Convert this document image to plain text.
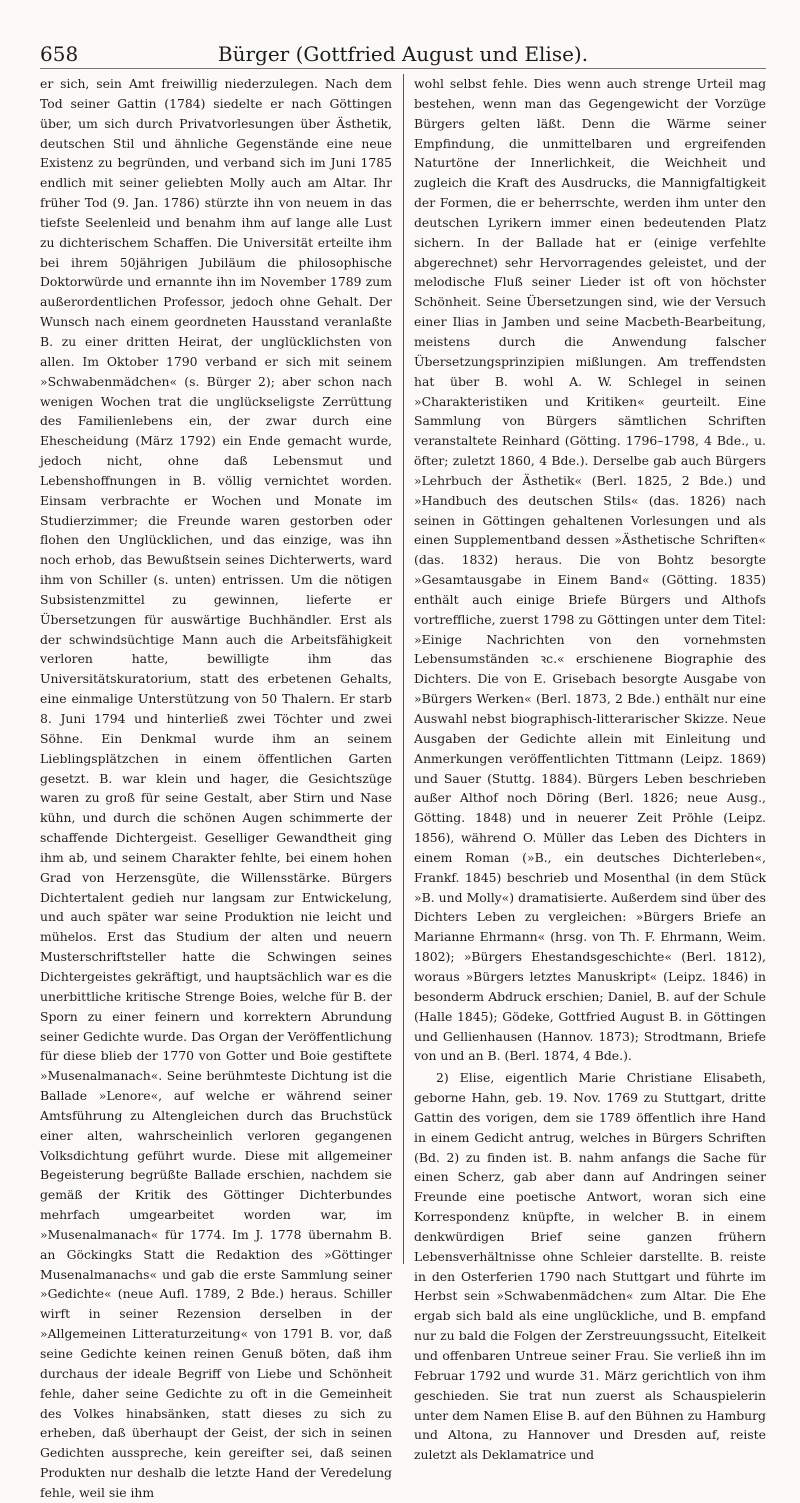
658	Bürger (Gottfried August und Elise).

er sich, sein Amt freiwillig niederzulegen. Nach dem Tod seiner Gattin (1784) siedelte er nach Göttingen über, um sich durch Privatvorlesungen über Ästhetik, deutschen Stil und ähnliche Gegenstände eine neue Existenz zu begründen, und verband sich im Juni 1785 endlich mit seiner geliebten Molly auch am Altar. Ihr früher Tod (9. Jan. 1786) stürzte ihn von neuem in das tiefste Seelenleid und benahm ihm auf lange alle Lust zu dichterischem Schaffen. Die Universität erteilte ihm bei ihrem 50jährigen Jubiläum die philosophische Doktorwürde und ernannte ihn im November 1789 zum außerordentlichen Professor, jedoch ohne Gehalt. Der Wunsch nach einem geordneten Hausstand veranlaßte B. zu einer dritten Heirat, der unglücklichsten von allen. Im Oktober 1790 verband er sich mit seinem »Schwabenmädchen« (s. Bürger 2); aber schon nach wenigen Wochen trat die unglückseligste Zerrüttung des Familienlebens ein, der zwar durch eine Ehescheidung (März 1792) ein Ende gemacht wurde, jedoch nicht, ohne daß Lebensmut und Lebenshoffnungen in B. völlig vernichtet worden. Einsam verbrachte er Wochen und Monate im Studierzimmer; die Freunde waren gestorben oder flohen den Unglücklichen, und das einzige, was ihn noch erhob, das Bewußtsein seines Dichterwerts, ward ihm von Schiller (s. unten) entrissen. Um die nötigen Subsistenzmittel zu gewinnen, lieferte er Übersetzungen für auswärtige Buchhändler. Erst als der schwindsüchtige Mann auch die Arbeitsfähigkeit verloren hatte, bewilligte ihm das Universitätskuratorium, statt des erbetenen Gehalts, eine einmalige Unterstützung von 50 Thalern. Er starb 8. Juni 1794 und hinterließ zwei Töchter und zwei Söhne. Ein Denkmal wurde ihm an seinem Lieblingsplätzchen in einem öffentlichen Garten gesetzt. B. war klein und hager, die Gesichtszüge waren zu groß für seine Gestalt, aber Stirn und Nase kühn, und durch die schönen Augen schimmerte der schaffende Dichtergeist. Geselliger Gewandtheit ging ihm ab, und seinem Charakter fehlte, bei einem hohen Grad von Herzensgüte, die Willensstärke. Bürgers Dichtertalent gedieh nur langsam zur Entwickelung, und auch später war seine Produktion nie leicht und mühelos. Erst das Studium der alten und neuern Musterschriftsteller hatte die Schwingen seines Dichtergeistes gekräftigt, und hauptsächlich war es die unerbittliche kritische Strenge Boies, welche für B. der Sporn zu einer feinern und korrektern Abrundung seiner Gedichte wurde. Das Organ der Veröffentlichung für diese blieb der 1770 von Gotter und Boie gestiftete »Musenalmanach«. Seine berühmteste Dichtung ist die Ballade »Lenore«, auf welche er während seiner Amtsführung zu Altengleichen durch das Bruchstück einer alten, wahrscheinlich verloren gegangenen Volksdichtung geführt wurde. Diese mit allgemeiner Begeisterung begrüßte Ballade erschien, nachdem sie gemäß der Kritik des Göttinger Dichterbundes mehrfach umgearbeitet worden war, im »Musenalmanach« für 1774. Im J. 1778 übernahm B. an Göckingks Statt die Redaktion des »Göttinger Musenalmanachs« und gab die erste Sammlung seiner »Gedichte« (neue Aufl. 1789, 2 Bde.) heraus. Schiller wirft in seiner Rezension derselben in der »Allgemeinen Litteraturzeitung« von 1791 B. vor, daß seine Gedichte keinen reinen Genuß böten, daß ihm durchaus der ideale Begriff von Liebe und Schönheit fehle, daher seine Gedichte zu oft in die Gemeinheit des Volkes hinabsänken, statt dieses zu sich zu erheben, daß überhaupt der Geist, der sich in seinen Gedichten ausspreche, kein gereifter sei, daß seinen Produkten nur deshalb die letzte Hand der Veredelung fehle, weil sie ihm

wohl selbst fehle. Dies wenn auch strenge Urteil mag bestehen, wenn man das Gegengewicht der Vorzüge Bürgers gelten läßt. Denn die Wärme seiner Empfindung, die unmittelbaren und ergreifenden Naturtöne der Innerlichkeit, die Weichheit und zugleich die Kraft des Ausdrucks, die Mannigfaltigkeit der Formen, die er beherrschte, werden ihm unter den deutschen Lyrikern immer einen bedeutenden Platz sichern. In der Ballade hat er (einige verfehlte abgerechnet) sehr Hervorragendes geleistet, und der melodische Fluß seiner Lieder ist oft von höchster Schönheit. Seine Übersetzungen sind, wie der Versuch einer Ilias in Jamben und seine Macbeth-Bearbeitung, meistens durch die Anwendung falscher Übersetzungsprinzipien mißlungen. Am treffendsten hat über B. wohl A. W. Schlegel in seinen »Charakteristiken und Kritiken« geurteilt. Eine Sammlung von Bürgers sämtlichen Schriften veranstaltete Reinhard (Götting. 1796–1798, 4 Bde., u. öfter; zuletzt 1860, 4 Bde.). Derselbe gab auch Bürgers »Lehrbuch der Ästhetik« (Berl. 1825, 2 Bde.) und »Handbuch des deutschen Stils« (das. 1826) nach seinen in Göttingen gehaltenen Vorlesungen und als einen Supplementband dessen »Ästhetische Schriften« (das. 1832) heraus. Die von Bohtz besorgte »Gesamtausgabe in Einem Band« (Götting. 1835) enthält auch einige Briefe Bürgers und Althofs vortreffliche, zuerst 1798 zu Göttingen unter dem Titel: »Einige Nachrichten von den vornehmsten Lebensumständen ꝛc.« erschienene Biographie des Dichters. Die von E. Grisebach besorgte Ausgabe von »Bürgers Werken« (Berl. 1873, 2 Bde.) enthält nur eine Auswahl nebst biographisch-litterarischer Skizze. Neue Ausgaben der Gedichte allein mit Einleitung und Anmerkungen veröffentlichten Tittmann (Leipz. 1869) und Sauer (Stuttg. 1884). Bürgers Leben beschrieben außer Althof noch Döring (Berl. 1826; neue Ausg., Götting. 1848) und in neuerer Zeit Pröhle (Leipz. 1856), während O. Müller das Leben des Dichters in einem Roman (»B., ein deutsches Dichterleben«, Frankf. 1845) beschrieb und Mosenthal (in dem Stück »B. und Molly«) dramatisierte. Außerdem sind über des Dichters Leben zu vergleichen: »Bürgers Briefe an Marianne Ehrmann« (hrsg. von Th. F. Ehrmann, Weim. 1802); »Bürgers Ehestandsgeschichte« (Berl. 1812), woraus »Bürgers letztes Manuskript« (Leipz. 1846) in besonderm Abdruck erschien; Daniel, B. auf der Schule (Halle 1845); Gödeke, Gottfried August B. in Göttingen und Gellienhausen (Hannov. 1873); Strodtmann, Briefe von und an B. (Berl. 1874, 4 Bde.).

2) Elise, eigentlich Marie Christiane Elisabeth, geborne Hahn, geb. 19. Nov. 1769 zu Stuttgart, dritte Gattin des vorigen, dem sie 1789 öffentlich ihre Hand in einem Gedicht antrug, welches in Bürgers Schriften (Bd. 2) zu finden ist. B. nahm anfangs die Sache für einen Scherz, gab aber dann auf Andringen seiner Freunde eine poetische Antwort, woran sich eine Korrespondenz knüpfte, in welcher B. in einem denkwürdigen Brief seine ganzen frühern Lebensverhältnisse ohne Schleier darstellte. B. reiste in den Osterferien 1790 nach Stuttgart und führte im Herbst sein »Schwabenmädchen« zum Altar. Die Ehe ergab sich bald als eine unglückliche, und B. empfand nur zu bald die Folgen der Zerstreuungssucht, Eitelkeit und offenbaren Untreue seiner Frau. Sie verließ ihn im Februar 1792 und wurde 31. März gerichtlich von ihm geschieden. Sie trat nun zuerst als Schauspielerin unter dem Namen Elise B. auf den Bühnen zu Hamburg und Altona, zu Hannover und Dresden auf, reiste zuletzt als Deklamatrice und
